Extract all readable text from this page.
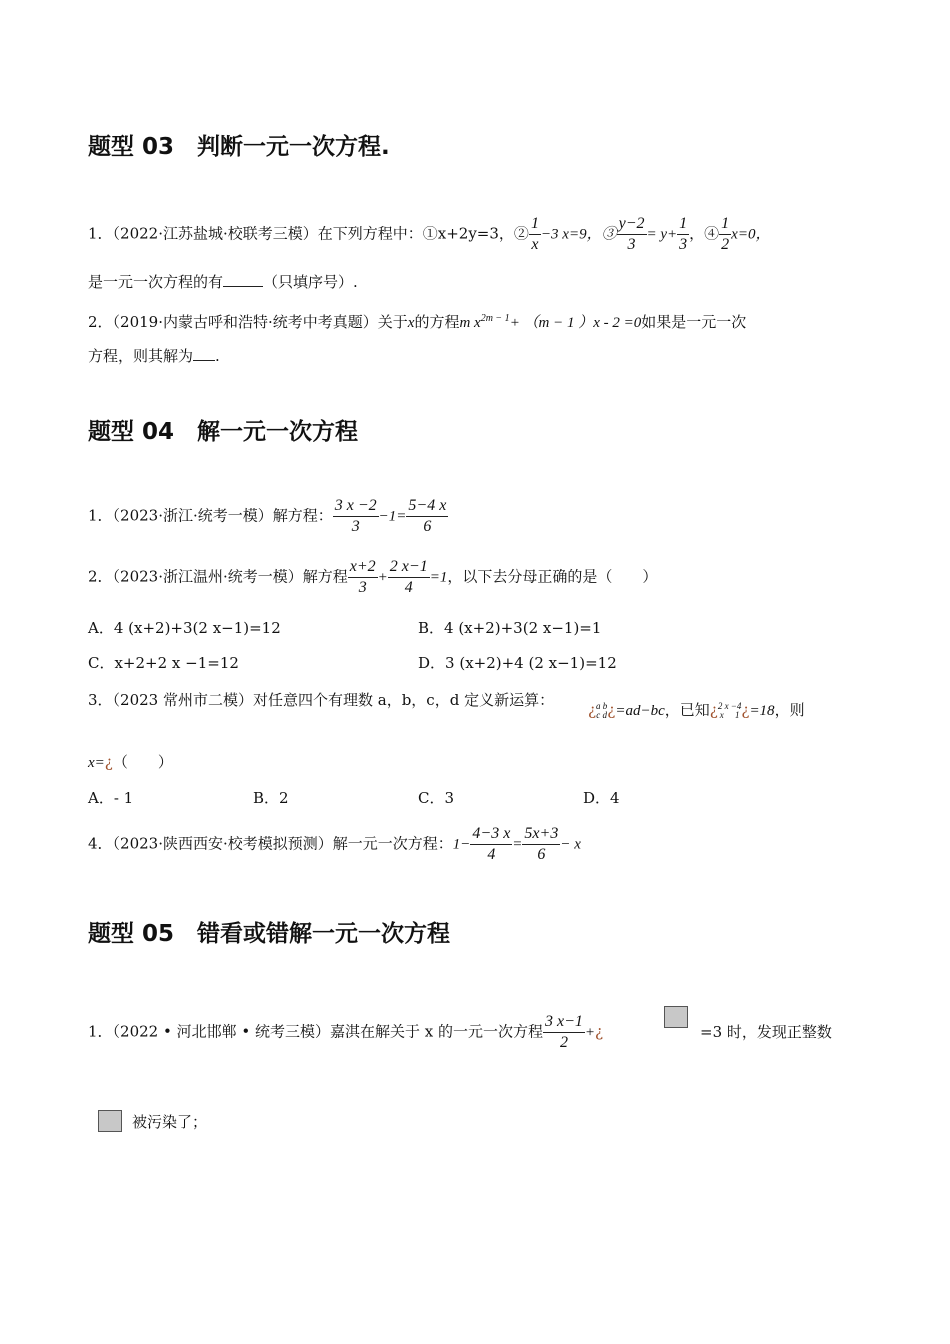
题型 03　判断一元一次方程.
1．（2022·江苏盐城·校联考三模）在下列方程中：①x+2y=3，② $\frac{1}{x} -3$ x=9，③ $\frac{y-2}{3} = y+ \frac{1}{3}$ ，④ $\frac{1}{2} x=0$，
是一元一次方程的有	（只填序号）.
2．（2019·内蒙古呼和浩特·统考中考真题）关于x的方程m $x^{2m - 1}+ (m - 1$ ）x - 2 =0如果是一元一次
方程，则其解为 .
题型 04　解一元一次方程
1．（2023·浙江·统考一模）解方程： $\frac{3 x -2}{3} -1= \frac{5-4 x}{6}$
2．（2023·浙江温州·统考一模）解方程 $\frac{x+2}{3} + \frac{2 x-1}{4} =1$，以下去分母正确的是（　　）
A．4 (x+2)+3(2 x−1)=12	B．4 (x+2)+3(2 x−1)=1
C．x+2+2 x −1=12	D．3 (x+2)+4 (2 x−1)=12
3．（2023 常州市二模）对任意四个有理数 a，b，c，d 定义新运算：
¿ a b
c d ¿=ad−bc，已知¿ 2 x −4
x　 1 ¿=18，则
x=¿（　　）
A．- 1	B．2	C．3	D．4
4．（2023·陕西西安·校考模拟预测）解一元一次方程：$1- \frac{4-3 x}{4} = \frac{5x+3}{6} - x$
题型 05　错看或错解一元一次方程
1．（2022 • 河北邯郸 • 统考三模）嘉淇在解关于 x 的一元一次方程 $\frac{3 x-1}{2}$ +¿	=3 时，发现正整数
被污染了；
